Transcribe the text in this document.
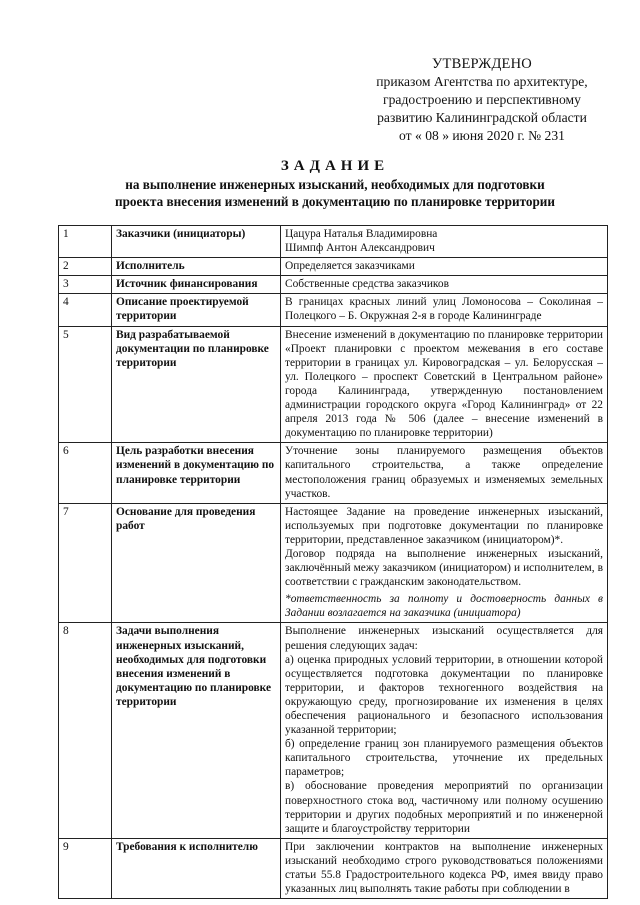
УТВЕРЖДЕНО
приказом Агентства по архитектуре,
градостроению и перспективному
развитию Калининградской области
от « 08 » июня 2020 г. № 231
ЗАДАНИЕ
на выполнение инженерных изысканий, необходимых для подготовки
проекта внесения изменений в документацию по планировке территории
1	Заказчики (инициаторы)	Цацура Наталья Владимировна
Шимпф Антон Александрович

2	Исполнитель	Определяется заказчиками

3	Источник финансирования	Собственные средства заказчиков

4	Описание проектируемой территории	В границах красных линий улиц Ломоносова – Соколиная – Полецкого – Б. Окружная 2-я в городе Калининграде

5	Вид разрабатываемой документации по планировке территории	Внесение изменений в документацию по планировке территории «Проект планировки с проектом межевания в его составе территории в границах ул. Кировоградская – ул. Белорусская – ул. Полецкого – проспект Советский в Центральном районе» города Калининграда, утвержденную постановлением администрации городского округа «Город Калининград» от 22 апреля 2013 года № 506 (далее – внесение изменений в документацию по планировке территории)

6	Цель разработки внесения изменений в документацию по планировке территории	Уточнение зоны планируемого размещения объектов капитального строительства, а также определение местоположения границ образуемых и изменяемых земельных участков.

7	Основание для проведения работ	Настоящее Задание на проведение инженерных изысканий, используемых при подготовке документации по планировке территории, представленное заказчиком (инициатором)*.
Договор подряда на выполнение инженерных изысканий, заключённый межу заказчиком (инициатором) и исполнителем, в соответствии с гражданским законодательством.
*ответственность за полноту и достоверность данных в Задании возлагается на заказчика (инициатора)

8	Задачи выполнения инженерных изысканий, необходимых для подготовки внесения изменений в документацию по планировке территории	Выполнение инженерных изысканий осуществляется для решения следующих задач:
а) оценка природных условий территории, в отношении которой осуществляется подготовка документации по планировке территории, и факторов техногенного воздействия на окружающую среду, прогнозирование их изменения в целях обеспечения рационального и безопасного использования указанной территории;
б) определение границ зон планируемого размещения объектов капитального строительства, уточнение их предельных параметров;
в) обоснование проведения мероприятий по организации поверхностного стока вод, частичному или полному осушению территории и других подобных мероприятий и по инженерной защите и благоустройству территории

9	Требования к исполнителю	При заключении контрактов на выполнение инженерных изысканий необходимо строго руководствоваться положениями статьи 55.8 Градостроительного кодекса РФ, имея ввиду право указанных лиц выполнять такие работы при соблюдении в
